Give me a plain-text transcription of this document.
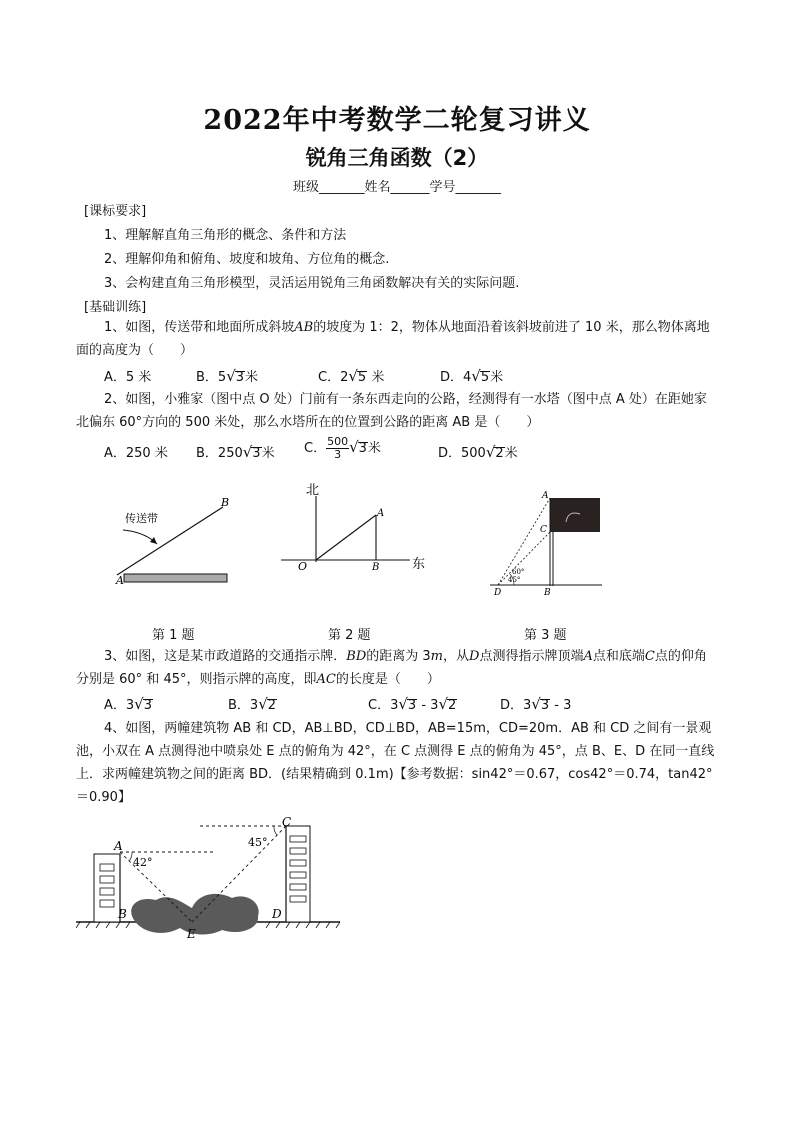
2022年中考数学二轮复习讲义
锐角三角函数（2）
班级_______姓名______学号_______
[课标要求]
1、理解解直角三角形的概念、条件和方法
2、理解仰角和俯角、坡度和坡角、方位角的概念.
3、会构建直角三角形模型，灵活运用锐角三角函数解决有关的实际问题.
[基础训练]
1、如图，传送带和地面所成斜坡AB的坡度为 1：2，物体从地面沿着该斜坡前进了 10 米，那么物体离地面的高度为（　　）
A．5 米	B．5√3米	C．2√5 米	D．4√5米
2、如图，小雅家（图中点 O 处）门前有一条东西走向的公路，经测得有一水塔（图中点 A 处）在距她家北偏东 60°方向的 500 米处，那么水塔所在的位置到公路的距离 AB 是（　　）
A．250 米 B．250√3米 C． $\frac{500}{3} √3$米	D．500√2米
传送带
A
B
北
东
O
A
B
A
C
D	B
60°
45°
第 1 题	第 2 题	第 3 题
3、如图，这是某市政道路的交通指示牌．BD的距离为 3m，从D点测得指示牌顶端A点和底端C点的仰角分别是 60° 和 45°，则指示牌的高度，即AC的长度是（　　）
A．3√3	B．3√2	C．3√3 - 3√2	D．3√3 - 3
4、如图，两幢建筑物 AB 和 CD，AB⊥BD，CD⊥BD，AB=15m，CD=20m．AB 和 CD 之间有一景观池，小双在 A 点测得池中喷泉处 E 点的俯角为 42°，在 C 点测得 E 点的俯角为 45°，点 B、E、D 在同一直线上．求两幢建筑物之间的距离 BD．(结果精确到 0.1m)【参考数据：sin42°＝0.67，cos42°＝0.74，tan42°＝0.90】
A
B
C
D
E
42°
45°
